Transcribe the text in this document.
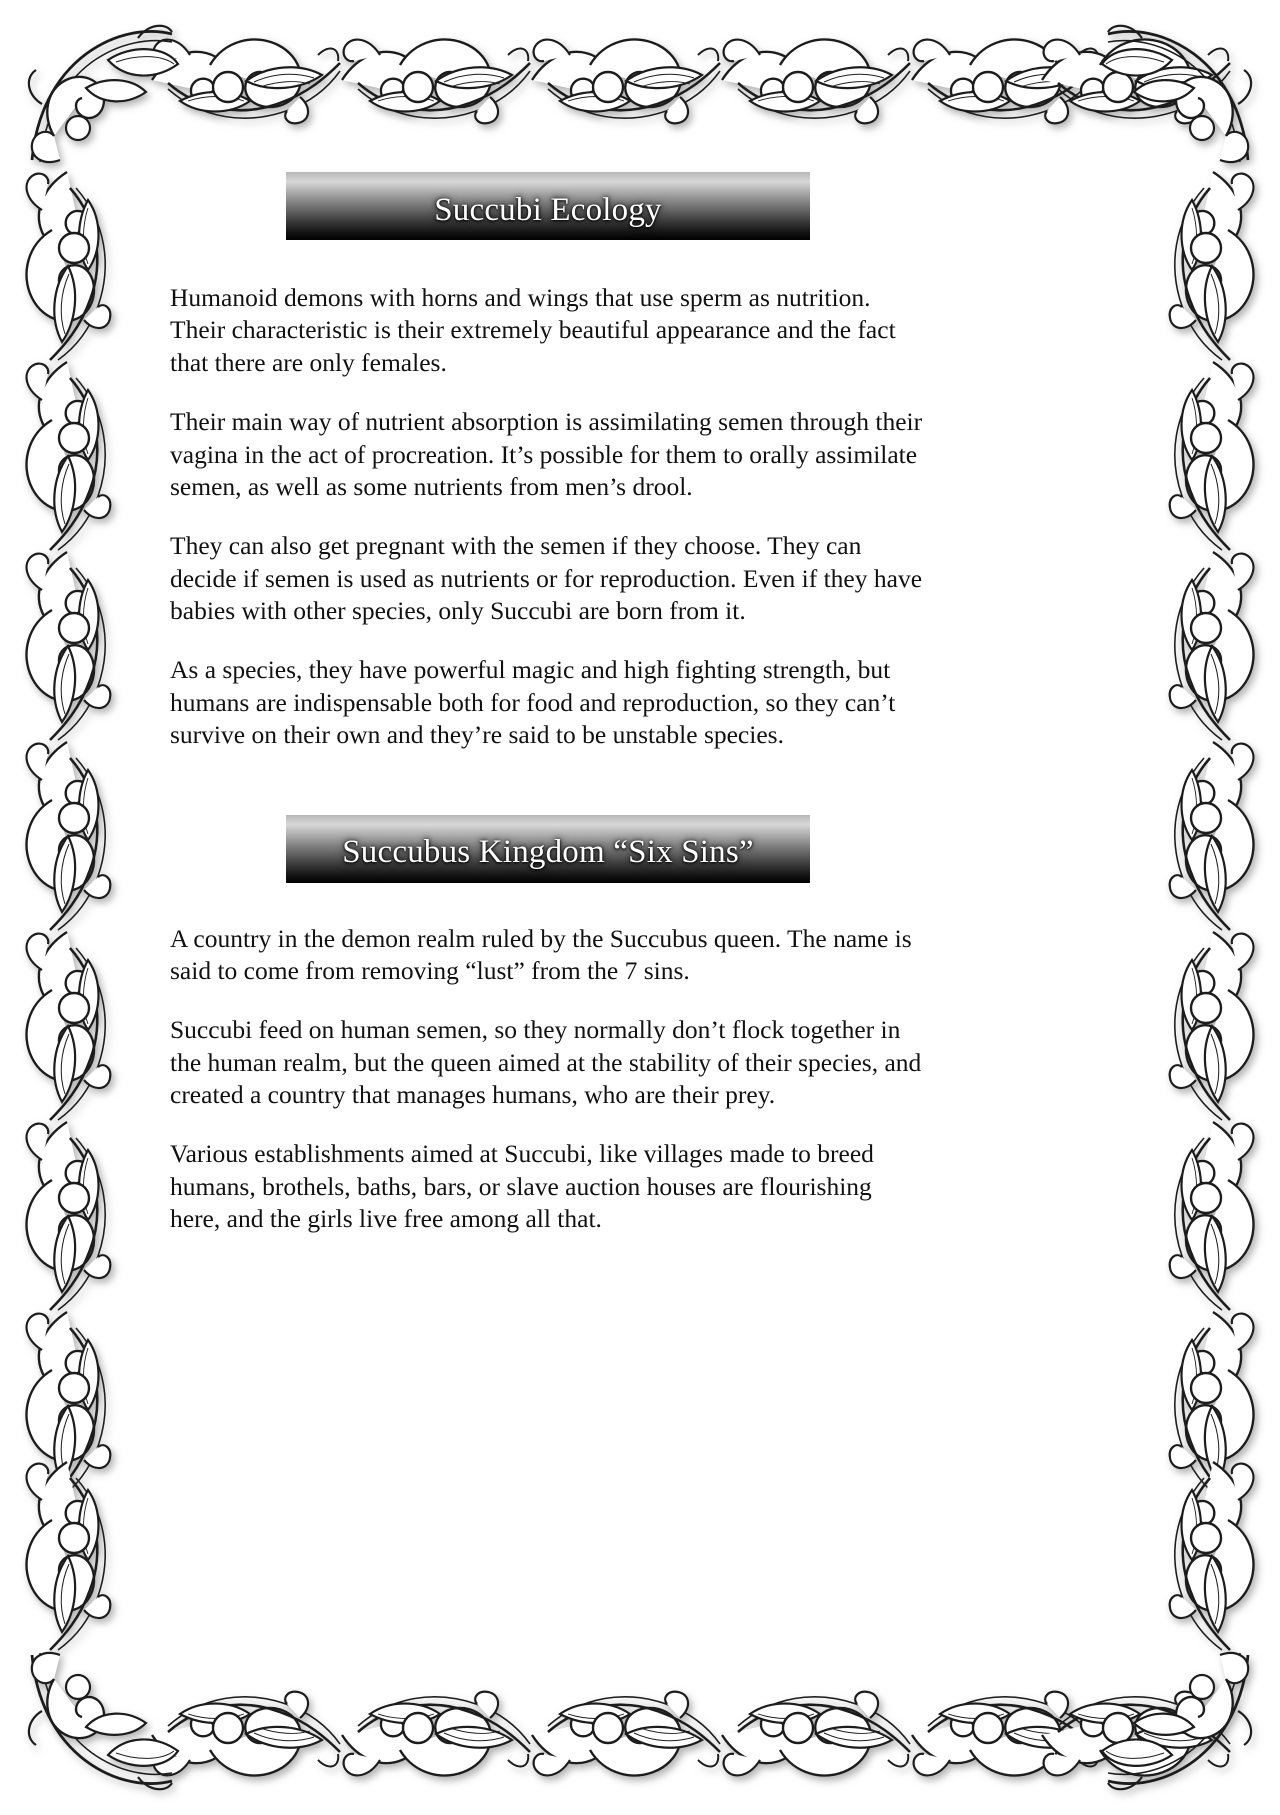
Succubi Ecology

Humanoid demons with horns and wings that use sperm as nutrition. Their characteristic is their extremely beautiful appearance and the fact that there are only females.

Their main way of nutrient absorption is assimilating semen through their vagina in the act of procreation. It’s possible for them to orally assimilate semen, as well as some nutrients from men’s drool.

They can also get pregnant with the semen if they choose. They can decide if semen is used as nutrients or for reproduction. Even if they have babies with other species, only Succubi are born from it.

As a species, they have powerful magic and high fighting strength, but humans are indispensable both for food and reproduction, so they can’t survive on their own and they’re said to be unstable species.

Succubus Kingdom “Six Sins”

A country in the demon realm ruled by the Succubus queen. The name is said to come from removing “lust” from the 7 sins.

Succubi feed on human semen, so they normally don’t flock together in the human realm, but the queen aimed at the stability of their species, and created a country that manages humans, who are their prey.

Various establishments aimed at Succubi, like villages made to breed humans, brothels, baths, bars, or slave auction houses are flourishing here, and the girls live free among all that.
